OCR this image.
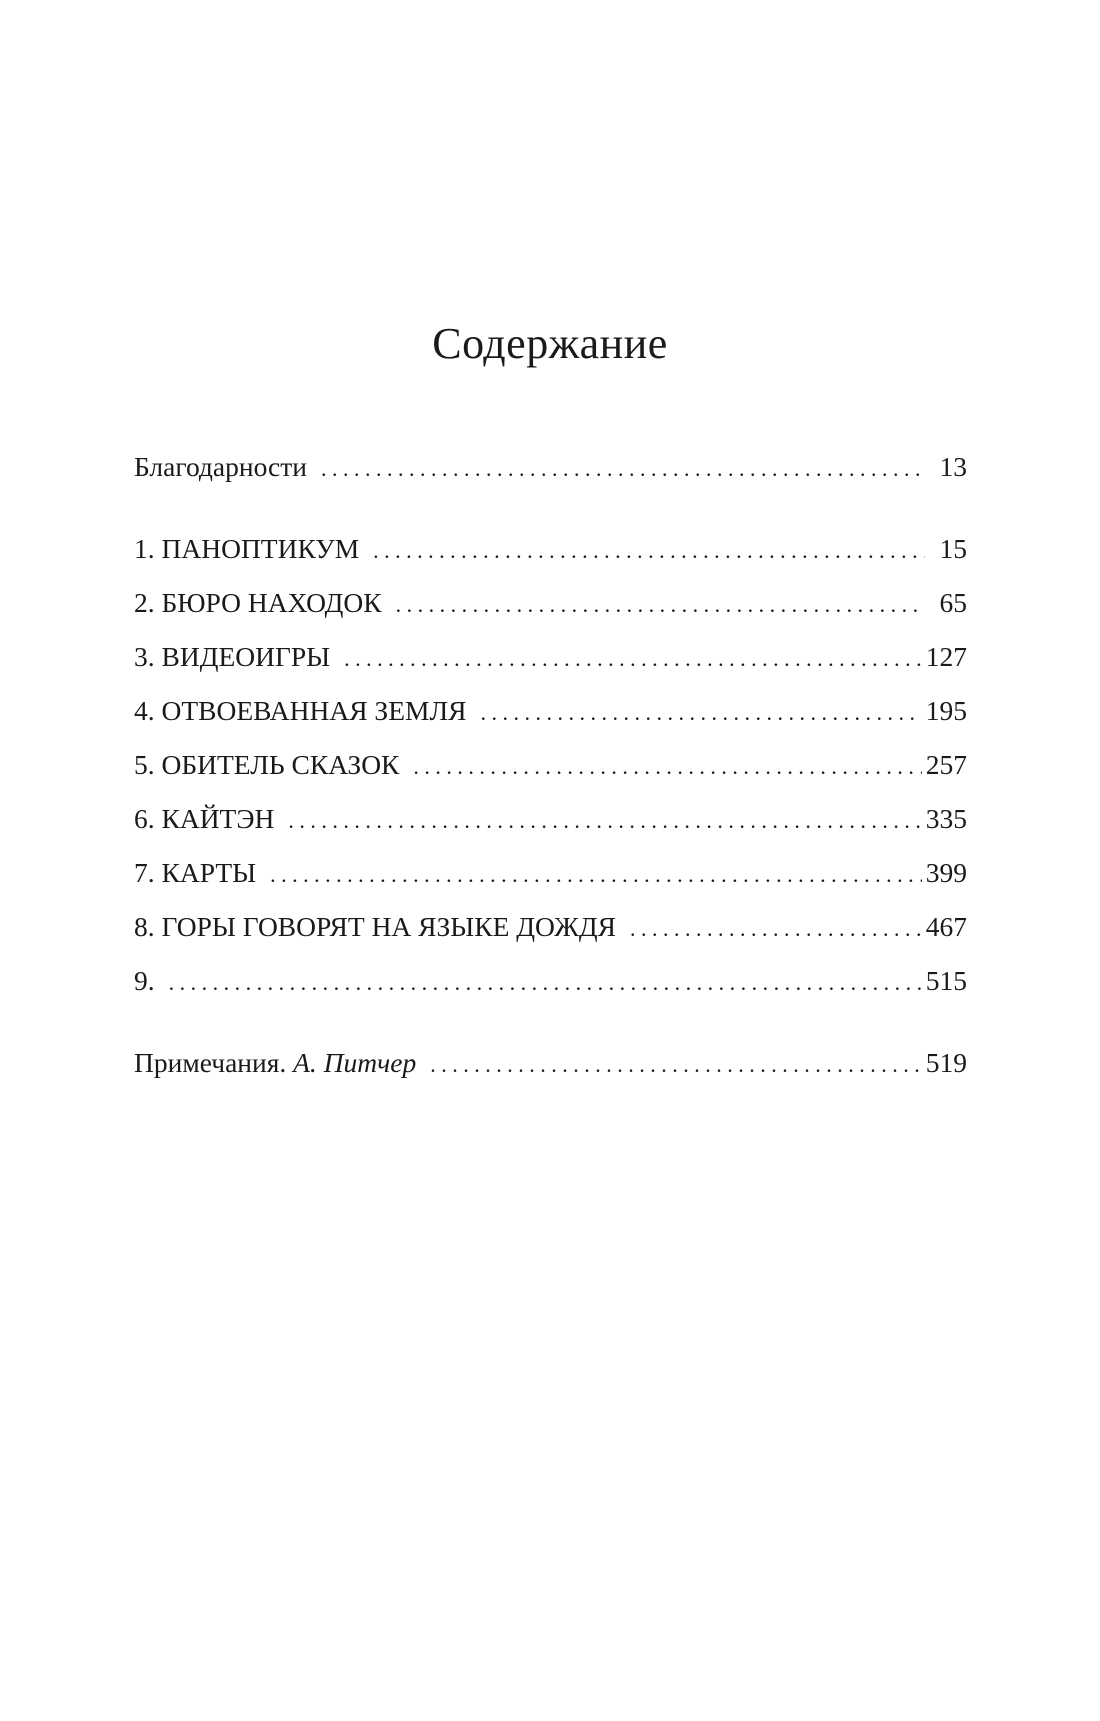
Содержание
Благодарности . . .	13
1. ПАНОПТИКУМ . . .	15
2. БЮРО НАХОДОК . . .	65
3. ВИДЕОИГРЫ . . .	127
4. ОТВОЕВАННАЯ ЗЕМЛЯ . . .	195
5. ОБИТЕЛЬ СКАЗОК . . .	257
6. КАЙТЭН . . .	335
7. КАРТЫ . . .	399
8. ГОРЫ ГОВОРЯТ НА ЯЗЫКЕ ДОЖДЯ . . .	467
9. . . .	515
Примечания. А. Питчер . . .	519
